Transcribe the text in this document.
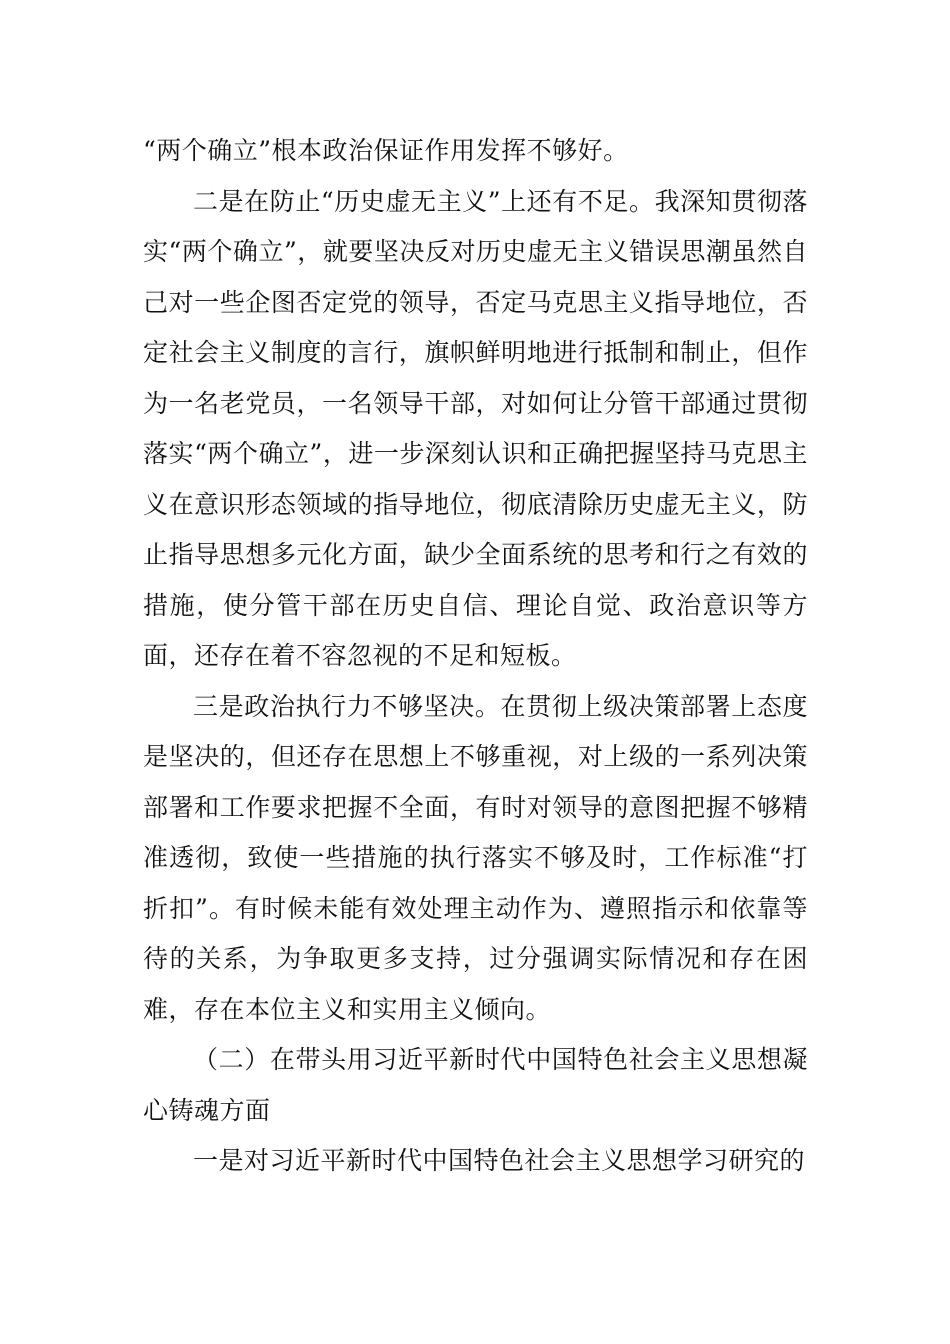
“两个确立”根本政治保证作用发挥不够好。

二是在防止“历史虚无主义”上还有不足。我深知贯彻落实“两个确立”，就要坚决反对历史虚无主义错误思潮虽然自己对一些企图否定党的领导，否定马克思主义指导地位，否定社会主义制度的言行，旗帜鲜明地进行抵制和制止，但作为一名老党员，一名领导干部，对如何让分管干部通过贯彻落实“两个确立”，进一步深刻认识和正确把握坚持马克思主义在意识形态领域的指导地位，彻底清除历史虚无主义，防止指导思想多元化方面，缺少全面系统的思考和行之有效的措施，使分管干部在历史自信、理论自觉、政治意识等方面，还存在着不容忽视的不足和短板。

三是政治执行力不够坚决。在贯彻上级决策部署上态度是坚决的，但还存在思想上不够重视，对上级的一系列决策部署和工作要求把握不全面，有时对领导的意图把握不够精准透彻，致使一些措施的执行落实不够及时，工作标准“打折扣”。有时候未能有效处理主动作为、遵照指示和依靠等待的关系，为争取更多支持，过分强调实际情况和存在困难，存在本位主义和实用主义倾向。

（二）在带头用习近平新时代中国特色社会主义思想凝心铸魂方面

一是对习近平新时代中国特色社会主义思想学习研究的
